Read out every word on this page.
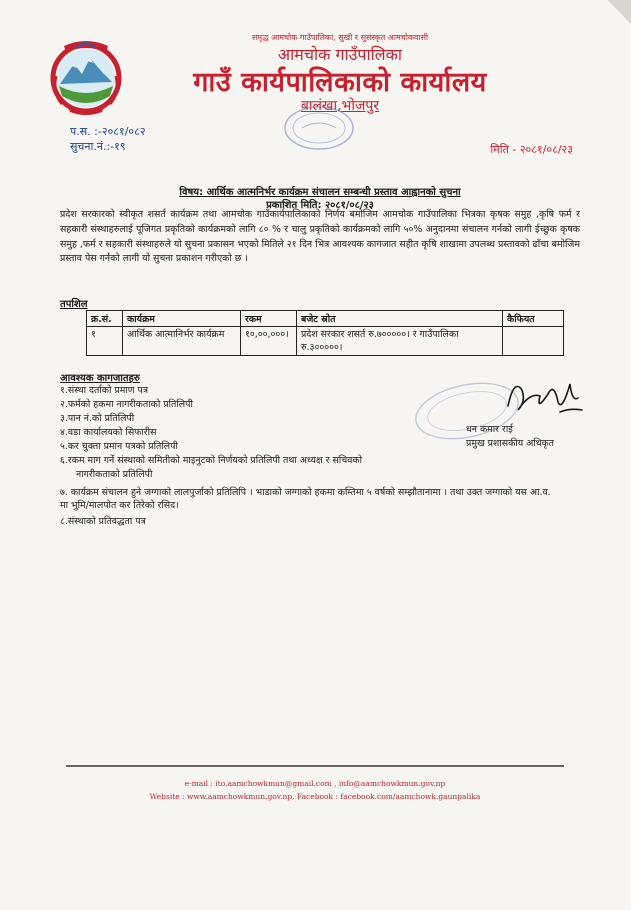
समृद्ध आमचोक गाउँपालिका, सुखी र सुसंस्कृत आमचोकवासी
आमचोक गाउँपालिका
गाउँ कार्यपालिकाको कार्यालय
बालंखा,भोजपुर
प.स. :-२०८१/०८२
सुचना.नं.:-१९	मिति - २०८१/०८/२३
विषय: आर्थिक आत्मनिर्भर कार्यक्रम संचालन सम्बन्धी प्रस्ताव आह्वानको सुचना
प्रकाशित मिति: २०८१/०८/२३
प्रदेश सरकारको स्वीकृत शसर्त कार्यक्रम तथा आमचोक गाउँकार्यपालिकाको निर्णय बमोजिम आमचोक गाउँपालिका भित्रका कृषक समुह ,कृषि फर्म र सहकारी संस्थाहरुलाई पूजिगत प्रकृतिको कार्यक्रमको लागि ८० % र चालु प्रकृतिको कार्यक्रमको लागि ५०% अनुदानमा संचालन गर्नको लागी ईच्छुक कृषक समुह ,फर्म र सहकारी संस्थाहरुले यो सुचना प्रकासन भएको मितिले २१ दिन भित्र आवश्यक कागजात सहीत कृषि शाखामा उपलब्ध प्रस्तावको ढाँचा बमोजिम प्रस्ताव पेस गर्नको लागी यो सुचना प्रकाशन गरीएको छ ।
तपशिल
क्र.सं.	कार्यक्रम	रकम	बजेट स्रोत	कैफियत
१	आर्थिक आत्मानिर्भर कार्यक्रम	१०,००,०००।	प्रदेश सरकार शसर्त रु.७०००००। र गाउँपालिका रु.३०००००।	
आवश्यक कागजातहरु
१.संस्था दर्ताको प्रमाण पत्र
२.फर्मको हकमा नागरीकताको प्रतिलिपी
३.पान नं.को प्रतिलिपी
४.वडा कार्यालयको सिफारीस
५.कर चुक्ता प्रमान पत्रको प्रतिलिपी
६.रकम माग गर्ने संस्थाको समितीको माइनुटको निर्णयको प्रतिलिपी तथा अध्यक्ष र सचिवको
नागरीकताको प्रतिलिपी
७. कार्यक्रम संचालन हुने जग्गाको लालपुर्जाको प्रतिलिपि । भाडाको जग्गाको हकमा कम्तिमा ५ वर्षको सम्झौतानामा । तथा उक्त जग्गाको यस आ.व. मा भुमि/मालपोत कर तिरेको रसिद।
८.संस्थाको प्रतिवद्धता पत्र
धन कमार राई
प्रमुख प्रशासकीय अधिकृत
e-mail : ito.aamchowkmun@gmail.com , info@aamchowkmun.gov.np
Website : www.aamchowkmun.gov.np, Facebook : facebook.com/aamchowk.gaunpalika
